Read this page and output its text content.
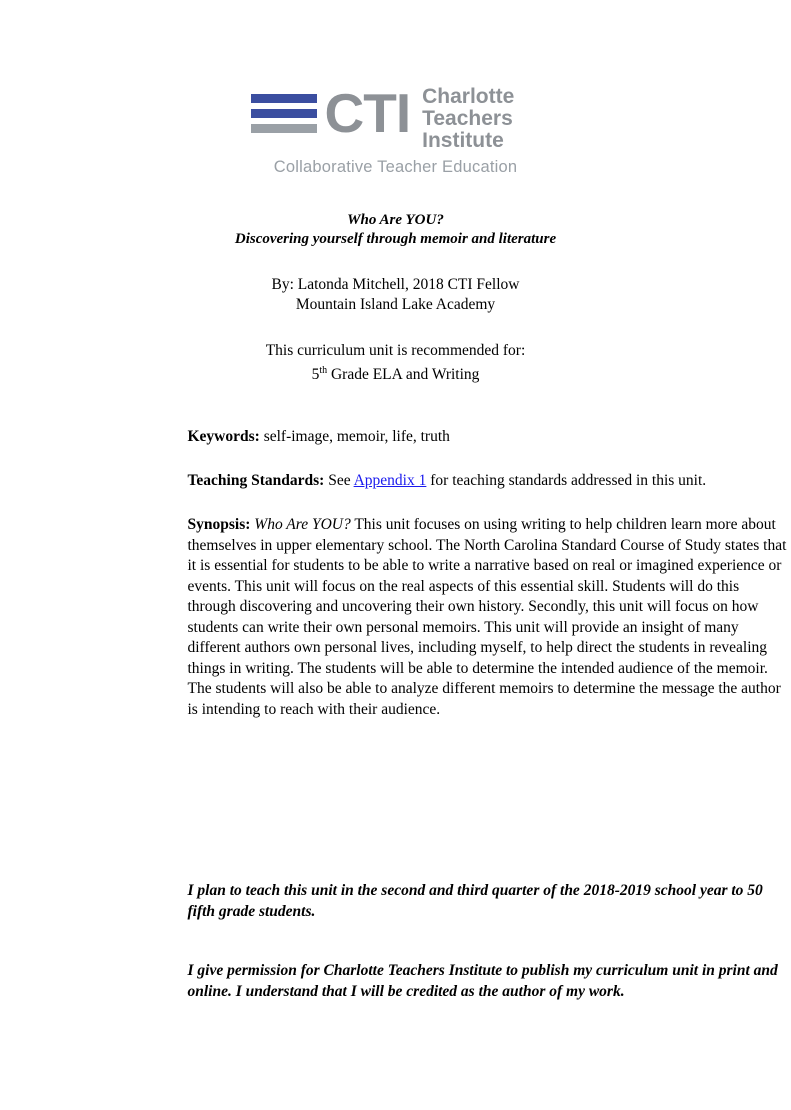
CTI Charlotte
Teachers
Institute
Collaborative Teacher Education
Who Are YOU?
Discovering yourself through memoir and literature
By: Latonda Mitchell, 2018 CTI Fellow
Mountain Island Lake Academy
This curriculum unit is recommended for:
5th Grade ELA and Writing

Keywords: self-image, memoir, life, truth

Teaching Standards: See Appendix 1 for teaching standards addressed in this unit.

Synopsis: Who Are YOU? This unit focuses on using writing to help children learn more about themselves in upper elementary school. The North Carolina Standard Course of Study states that it is essential for students to be able to write a narrative based on real or imagined experience or events. This unit will focus on the real aspects of this essential skill. Students will do this through discovering and uncovering their own history. Secondly, this unit will focus on how students can write their own personal memoirs. This unit will provide an insight of many different authors own personal lives, including myself, to help direct the students in revealing things in writing. The students will be able to determine the intended audience of the memoir. The students will also be able to analyze different memoirs to determine the message the author is intending to reach with their audience.

I plan to teach this unit in the second and third quarter of the 2018-2019 school year to 50 fifth grade students.

I give permission for Charlotte Teachers Institute to publish my curriculum unit in print and online. I understand that I will be credited as the author of my work.
